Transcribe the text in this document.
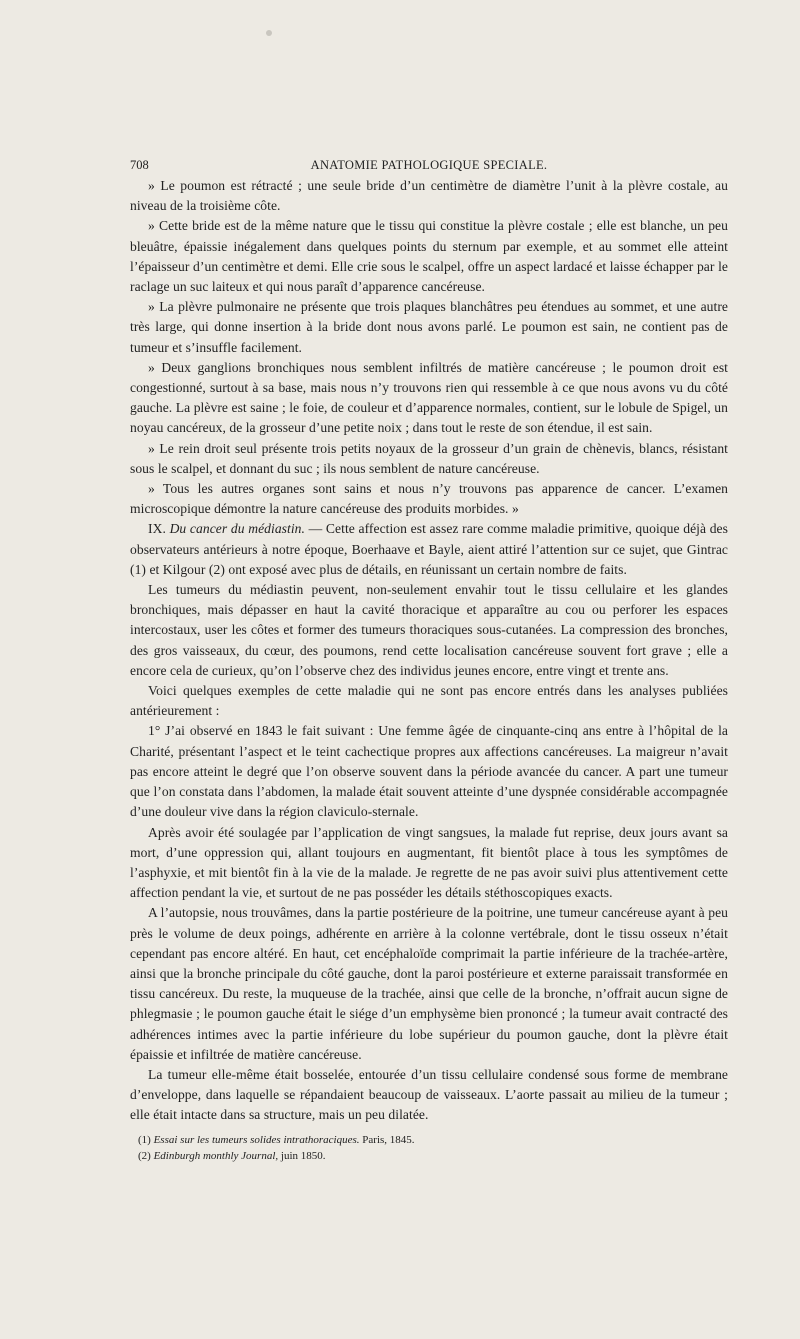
708	ANATOMIE PATHOLOGIQUE SPECIALE.

» Le poumon est rétracté ; une seule bride d’un centimètre de diamètre l’unit à la plèvre costale, au niveau de la troisième côte.

» Cette bride est de la même nature que le tissu qui constitue la plèvre costale ; elle est blanche, un peu bleuâtre, épaissie inégalement dans quelques points du sternum par exemple, et au sommet elle atteint l’épaisseur d’un centimètre et demi. Elle crie sous le scalpel, offre un aspect lardacé et laisse échapper par le raclage un suc laiteux et qui nous paraît d’apparence cancéreuse.

» La plèvre pulmonaire ne présente que trois plaques blanchâtres peu étendues au sommet, et une autre très large, qui donne insertion à la bride dont nous avons parlé. Le poumon est sain, ne contient pas de tumeur et s’insuffle facilement.

» Deux ganglions bronchiques nous semblent infiltrés de matière cancéreuse ; le poumon droit est congestionné, surtout à sa base, mais nous n’y trouvons rien qui ressemble à ce que nous avons vu du côté gauche. La plèvre est saine ; le foie, de couleur et d’apparence normales, contient, sur le lobule de Spigel, un noyau cancéreux, de la grosseur d’une petite noix ; dans tout le reste de son étendue, il est sain.

» Le rein droit seul présente trois petits noyaux de la grosseur d’un grain de chènevis, blancs, résistant sous le scalpel, et donnant du suc ; ils nous semblent de nature cancéreuse.

» Tous les autres organes sont sains et nous n’y trouvons pas apparence de cancer. L’examen microscopique démontre la nature cancéreuse des produits morbides. »

IX. Du cancer du médiastin. — Cette affection est assez rare comme maladie primitive, quoique déjà des observateurs antérieurs à notre époque, Boerhaave et Bayle, aient attiré l’attention sur ce sujet, que Gintrac (1) et Kilgour (2) ont exposé avec plus de détails, en réunissant un certain nombre de faits.

Les tumeurs du médiastin peuvent, non-seulement envahir tout le tissu cellulaire et les glandes bronchiques, mais dépasser en haut la cavité thoracique et apparaître au cou ou perforer les espaces intercostaux, user les côtes et former des tumeurs thoraciques sous-cutanées. La compression des bronches, des gros vaisseaux, du cœur, des poumons, rend cette localisation cancéreuse souvent fort grave ; elle a encore cela de curieux, qu’on l’observe chez des individus jeunes encore, entre vingt et trente ans.

Voici quelques exemples de cette maladie qui ne sont pas encore entrés dans les analyses publiées antérieurement :

1° J’ai observé en 1843 le fait suivant : Une femme âgée de cinquante-cinq ans entre à l’hôpital de la Charité, présentant l’aspect et le teint cachectique propres aux affections cancéreuses. La maigreur n’avait pas encore atteint le degré que l’on observe souvent dans la période avancée du cancer. A part une tumeur que l’on constata dans l’abdomen, la malade était souvent atteinte d’une dyspnée considérable accompagnée d’une douleur vive dans la région claviculo-sternale.

Après avoir été soulagée par l’application de vingt sangsues, la malade fut reprise, deux jours avant sa mort, d’une oppression qui, allant toujours en augmentant, fit bientôt place à tous les symptômes de l’asphyxie, et mit bientôt fin à la vie de la malade. Je regrette de ne pas avoir suivi plus attentivement cette affection pendant la vie, et surtout de ne pas posséder les détails stéthoscopiques exacts.

A l’autopsie, nous trouvâmes, dans la partie postérieure de la poitrine, une tumeur cancéreuse ayant à peu près le volume de deux poings, adhérente en arrière à la colonne vertébrale, dont le tissu osseux n’était cependant pas encore altéré. En haut, cet encéphaloïde comprimait la partie inférieure de la trachée-artère, ainsi que la bronche principale du côté gauche, dont la paroi postérieure et externe paraissait transformée en tissu cancéreux. Du reste, la muqueuse de la trachée, ainsi que celle de la bronche, n’offrait aucun signe de phlegmasie ; le poumon gauche était le siége d’un emphysème bien prononcé ; la tumeur avait contracté des adhérences intimes avec la partie inférieure du lobe supérieur du poumon gauche, dont la plèvre était épaissie et infiltrée de matière cancéreuse.

La tumeur elle-même était bosselée, entourée d’un tissu cellulaire condensé sous forme de membrane d’enveloppe, dans laquelle se répandaient beaucoup de vaisseaux. L’aorte passait au milieu de la tumeur ; elle était intacte dans sa structure, mais un peu dilatée.

(1) Essai sur les tumeurs solides intrathoraciques. Paris, 1845.

(2) Edinburgh monthly Journal, juin 1850.
